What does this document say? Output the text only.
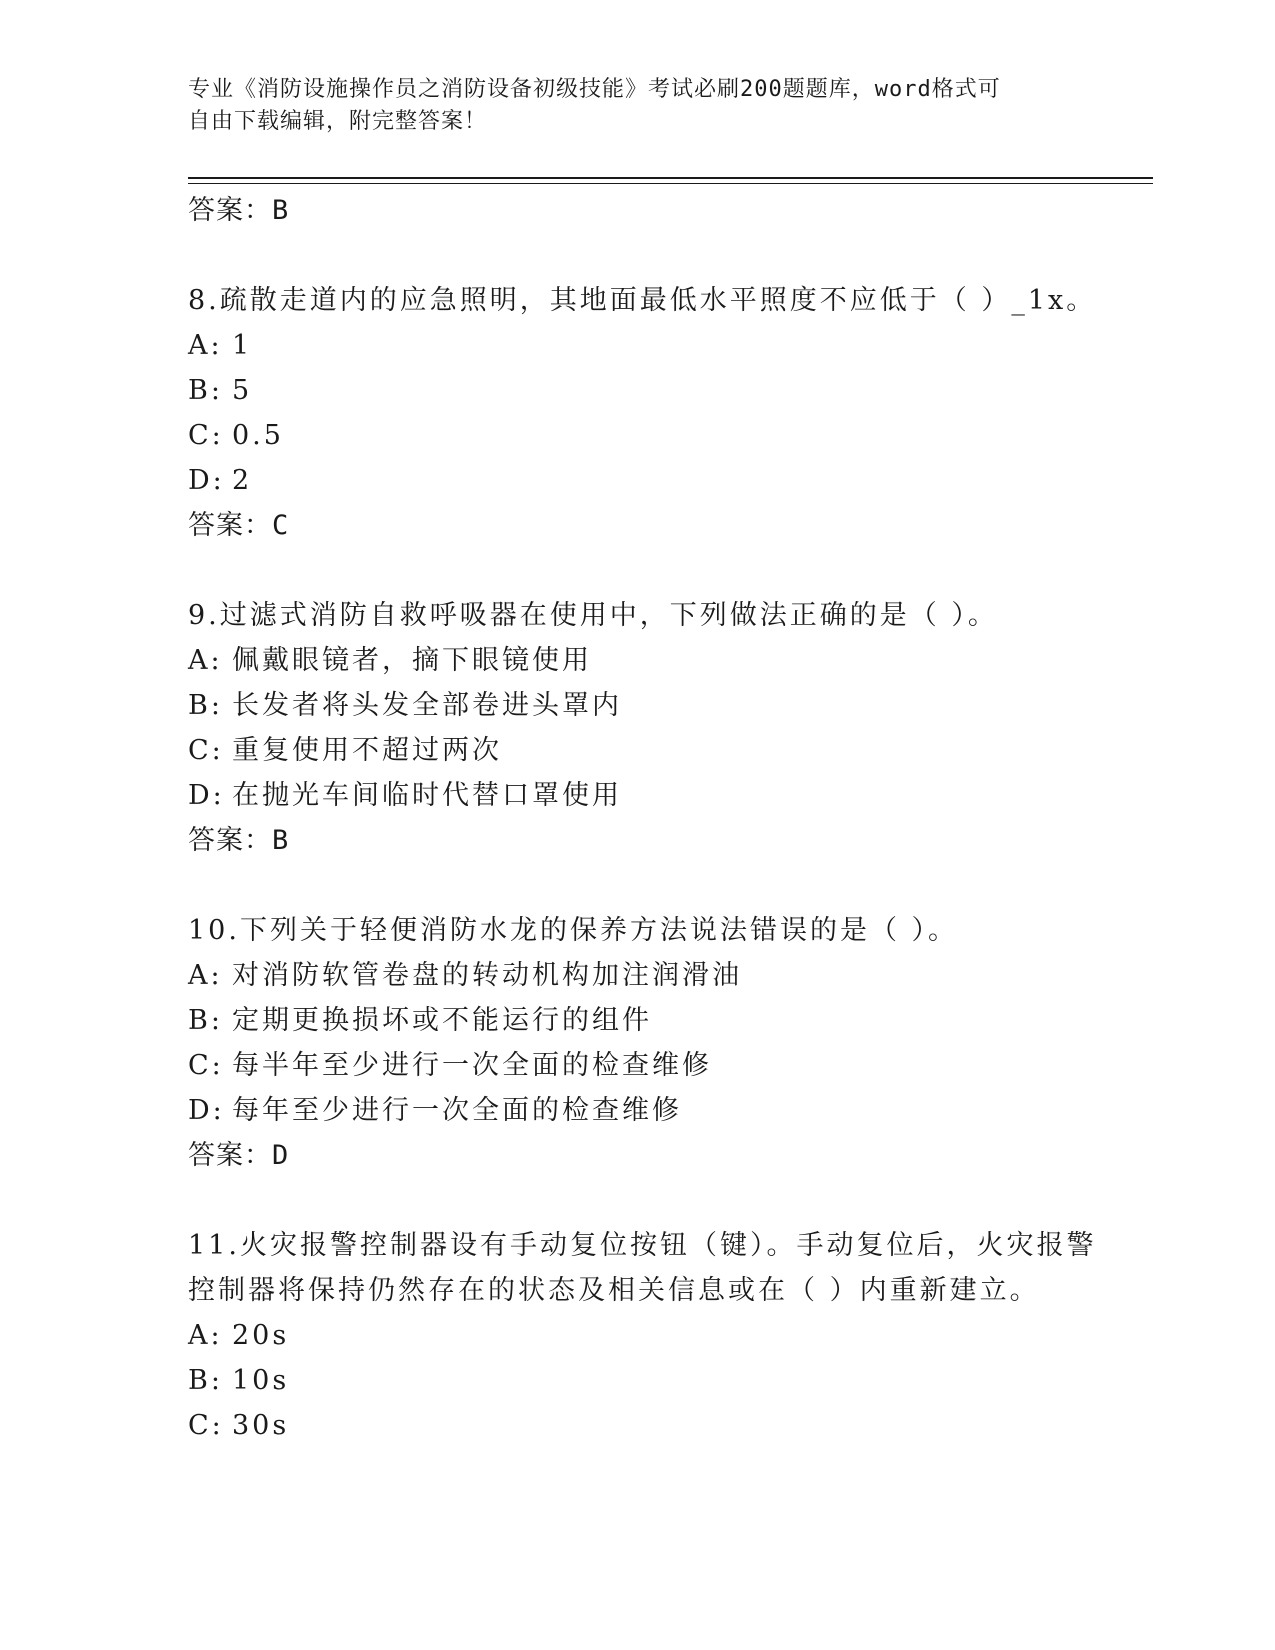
专业《消防设施操作员之消防设备初级技能》考试必刷200题题库，word格式可
自由下载编辑，附完整答案！
答案：B
8.疏散走道内的应急照明，其地面最低水平照度不应低于（ ）_1x。
A: 1
B: 5
C: 0.5
D: 2
答案：C
9.过滤式消防自救呼吸器在使用中，下列做法正确的是（ ）。
A: 佩戴眼镜者，摘下眼镜使用
B: 长发者将头发全部卷进头罩内
C: 重复使用不超过两次
D: 在抛光车间临时代替口罩使用
答案：B
10.下列关于轻便消防水龙的保养方法说法错误的是（ ）。
A: 对消防软管卷盘的转动机构加注润滑油
B: 定期更换损坏或不能运行的组件
C: 每半年至少进行一次全面的检查维修
D: 每年至少进行一次全面的检查维修
答案：D
11.火灾报警控制器设有手动复位按钮（键）。手动复位后，火灾报警
控制器将保持仍然存在的状态及相关信息或在（ ）内重新建立。
A: 20s
B: 10s
C: 30s
